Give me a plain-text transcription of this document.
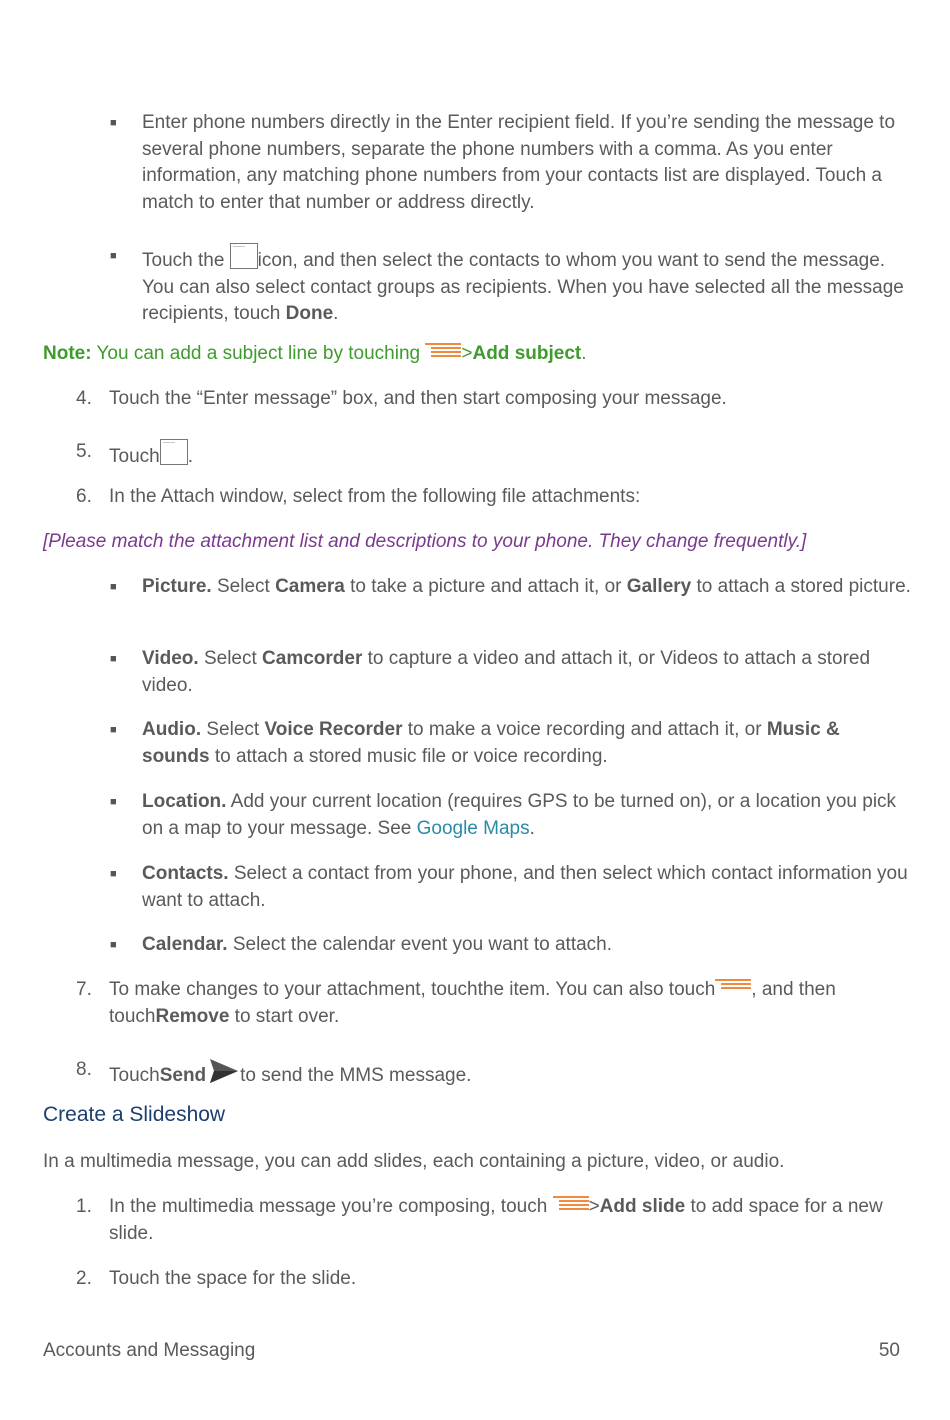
■ Enter phone numbers directly in the Enter recipient field. If you’re sending the message to several phone numbers, separate the phone numbers with a comma. As you enter information, any matching phone numbers from your contacts list are displayed. Touch a match to enter that number or address directly.
■ Touch the icon, and then select the contacts to whom you want to send the message. You can also select contact groups as recipients. When you have selected all the message recipients, touch Done.
Note: You can add a subject line by touching
>Add subject.
4. Touch the “Enter message” box, and then start composing your message.
5. Touch .
6. In the Attach window, select from the following file attachments:
[Please match the attachment list and descriptions to your phone. They change frequently.]
■ Picture. Select Camera to take a picture and attach it, or Gallery to attach a stored picture.
■ Video. Select Camcorder to capture a video and attach it, or Videos to attach a stored video.
■ Audio. Select Voice Recorder to make a voice recording and attach it, or Music & sounds to attach a stored music file or voice recording.
■ Location. Add your current location (requires GPS to be turned on), or a location you pick on a map to your message. See Google Maps.
■ Contacts. Select a contact from your phone, and then select which contact information you want to attach.
■ Calendar. Select the calendar event you want to attach.
7. To make changes to your attachment, touchthe item. You can also touch , and then touchRemove to start over.
8. TouchSend to send the MMS message.
Create a Slideshow
In a multimedia message, you can add slides, each containing a picture, video, or audio.
1. In the multimedia message you’re composing, touch
>Add slide to add space for a new slide.
2. Touch the space for the slide.
Accounts and Messaging	50
